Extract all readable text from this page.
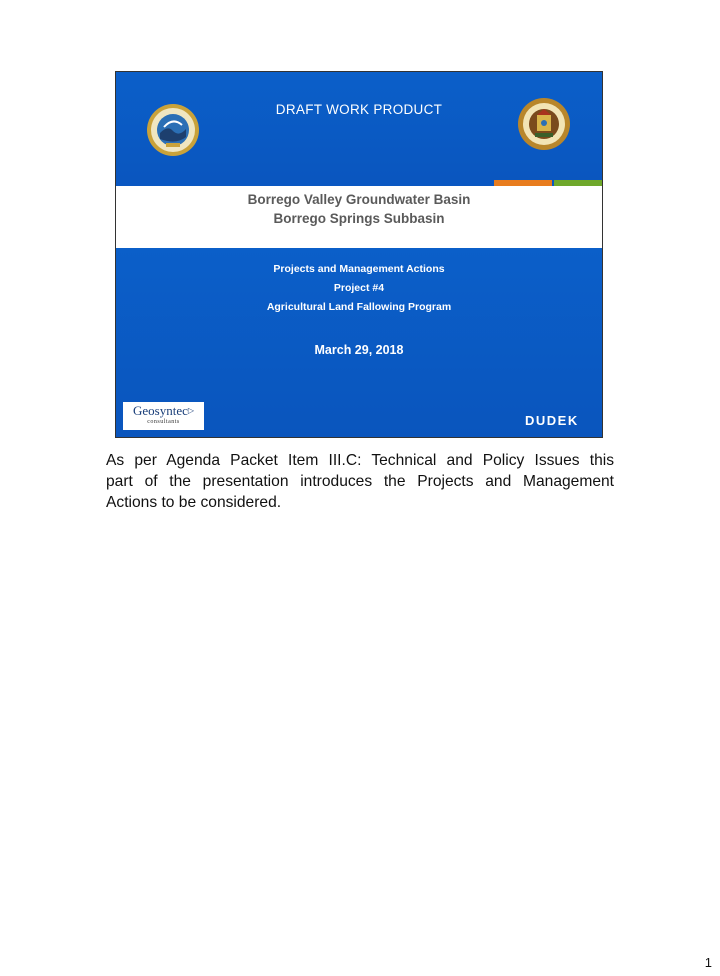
DRAFT WORK PRODUCT
Borrego Valley Groundwater Basin
Borrego Springs Subbasin
Projects and Management Actions
Project #4
Agricultural Land Fallowing Program
March 29, 2018
Geosyntec▷
consultants	DUDEK
As per Agenda Packet Item III.C: Technical and Policy Issues this
part of the presentation introduces the Projects and Management
Actions to be considered.
1
